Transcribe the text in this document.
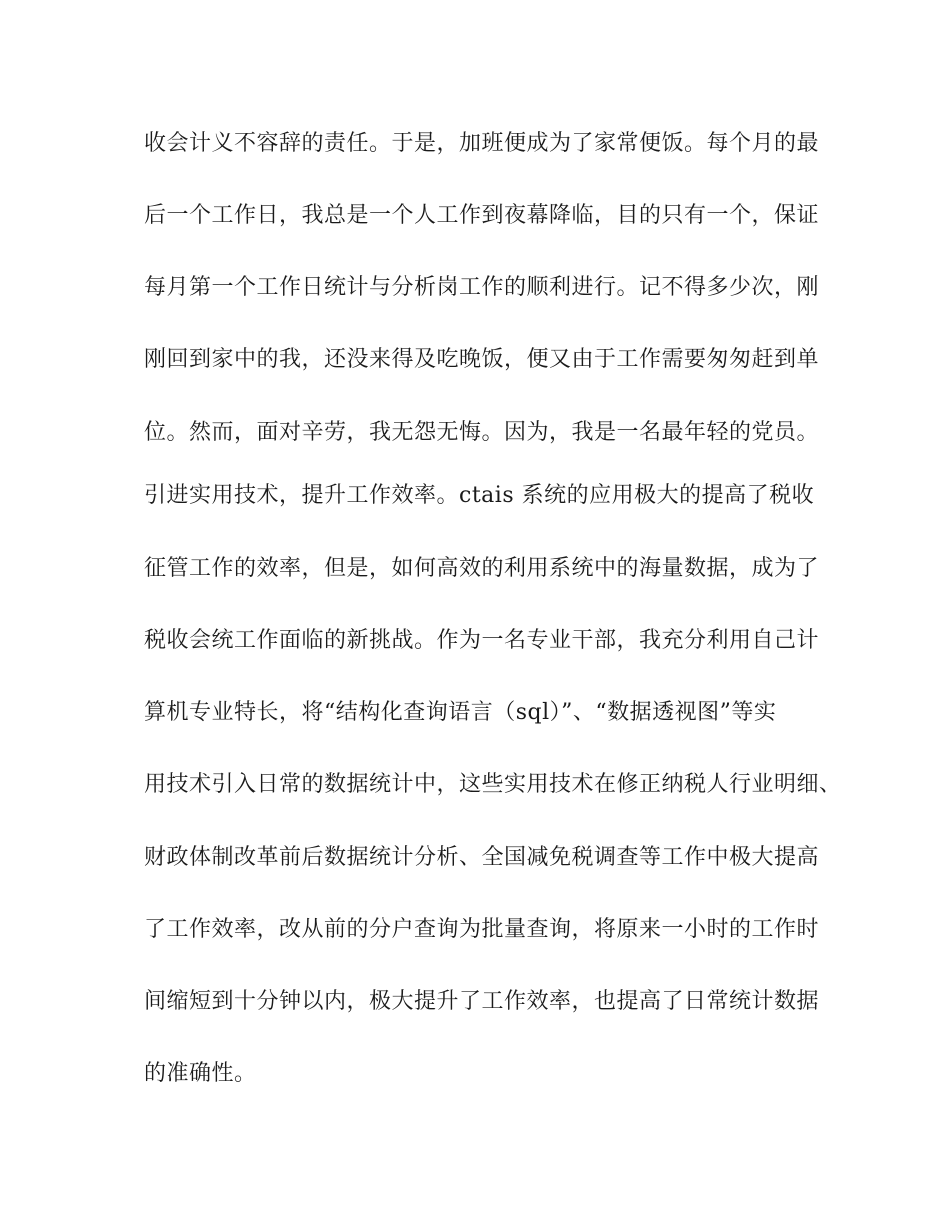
收会计义不容辞的责任。于是，加班便成为了家常便饭。每个月的最
后一个工作日，我总是一个人工作到夜幕降临，目的只有一个，保证
每月第一个工作日统计与分析岗工作的顺利进行。记不得多少次，刚
刚回到家中的我，还没来得及吃晚饭，便又由于工作需要匆匆赶到单
位。然而，面对辛劳，我无怨无悔。因为，我是一名最年轻的党员。
引进实用技术，提升工作效率。ctais 系统的应用极大的提高了税收
征管工作的效率，但是，如何高效的利用系统中的海量数据，成为了
税收会统工作面临的新挑战。作为一名专业干部，我充分利用自己计
算机专业特长，将“结构化查询语言（sql）”、“数据透视图”等实
用技术引入日常的数据统计中，这些实用技术在修正纳税人行业明细、
财政体制改革前后数据统计分析、全国减免税调查等工作中极大提高
了工作效率，改从前的分户查询为批量查询，将原来一小时的工作时
间缩短到十分钟以内，极大提升了工作效率，也提高了日常统计数据
的准确性。
